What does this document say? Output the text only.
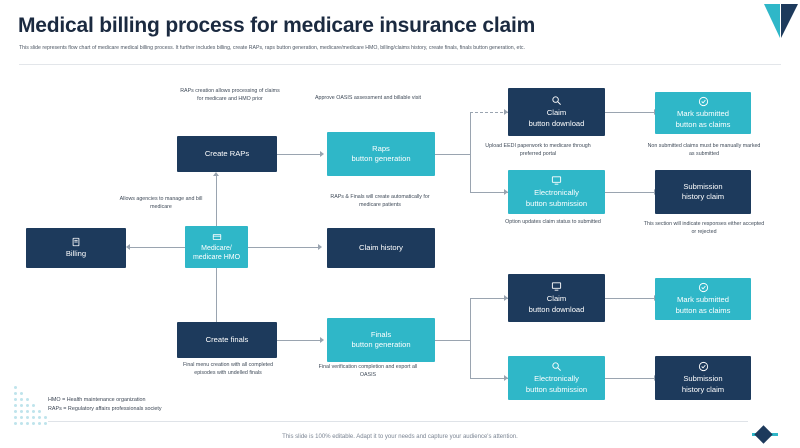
Medical billing process for medicare insurance claim
This slide represents flow chart of medicare medical billing process. It further includes billing, create RAPs, raps button generation, medicare/medicare HMO, billing/claims history, create finals, finals button generation, etc.
RAPs creation allows processing of claims for medicare and HMO prior	Approve OASIS assessment and billable visit
Upload EEDI paperwork to medicare through preferred portal
Non submitted claims must be manually marked as submitted
Allows agencies to manage and bill medicare
RAPs & Finals will create automatically for medicare patients
Option updates claim status to submitted	This section will indicate responses either accepted or rejected
Final menu creation with all completed episodes with undelled finals
Final verification completion and export all OASIS
Create RAPs
Raps
button generation
Claim
button download
Mark submitted
button as claims
Electronically
button submission
Submission
history claim
Billing
Medicare/
medicare HMO
Claim history
Create finals
Finals
button generation
Claim
button download
Mark submitted
button as claims
Electronically
button submission
Submission
history claim
HMO = Health maintenance organization
RAPs = Regulatory affairs professionals society
This slide is 100% editable. Adapt it to your needs and capture your audience's attention.
